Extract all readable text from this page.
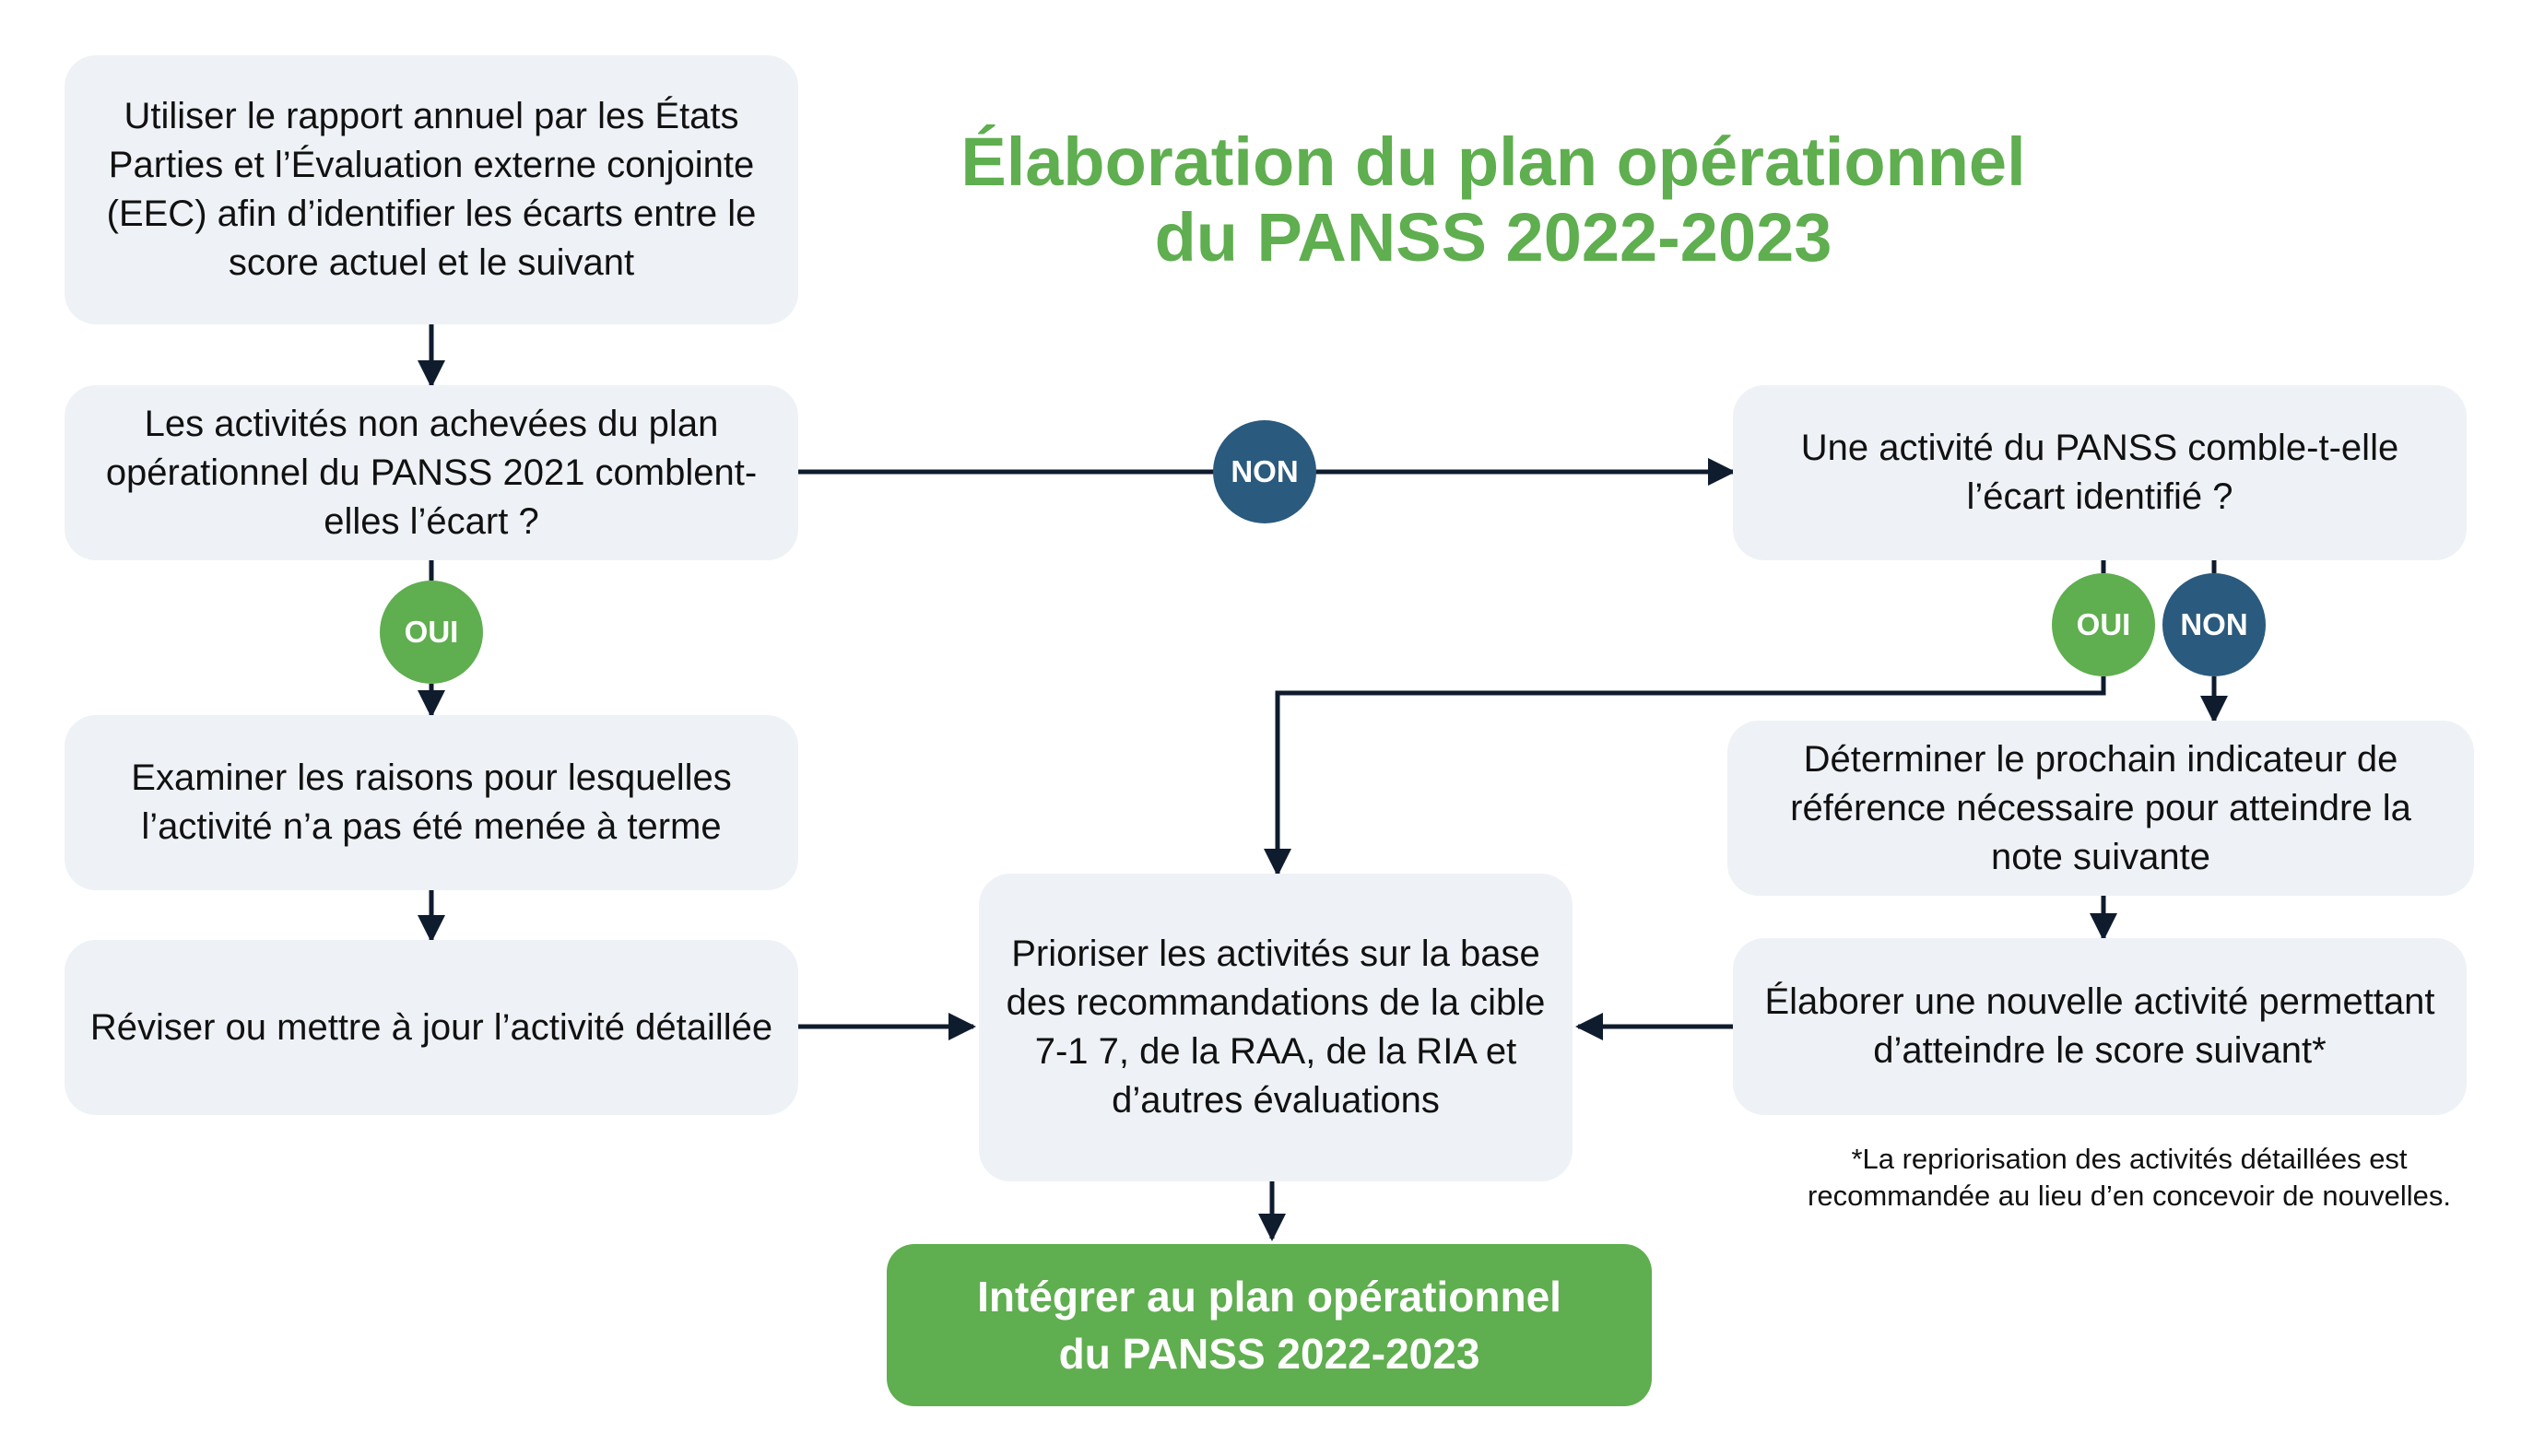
Élaboration du plan opérationnel
du PANSS 2022-2023
Utiliser le rapport annuel par les États Parties et l’Évaluation externe conjointe (EEC) afin d’identifier les écarts entre le score actuel et le suivant
Les activités non achevées du plan opérationnel du PANSS 2021 comblent-elles l’écart ?
Examiner les raisons pour lesquelles l’activité n’a pas été menée à terme
Réviser ou mettre à jour l’activité détaillée
Une activité du PANSS comble-t-elle l’écart identifié ?
Déterminer le prochain indicateur de référence nécessaire pour atteindre la note suivante
Élaborer une nouvelle activité permettant d’atteindre le score suivant*
Prioriser les activités sur la base des recommandations de la cible 7-1 7, de la RAA, de la RIA et d’autres évaluations
Intégrer au plan opérationnel
du PANSS 2022-2023
OUI
NON
OUI	NON
*La repriorisation des activités détaillées est recommandée au lieu d’en concevoir de nouvelles.
